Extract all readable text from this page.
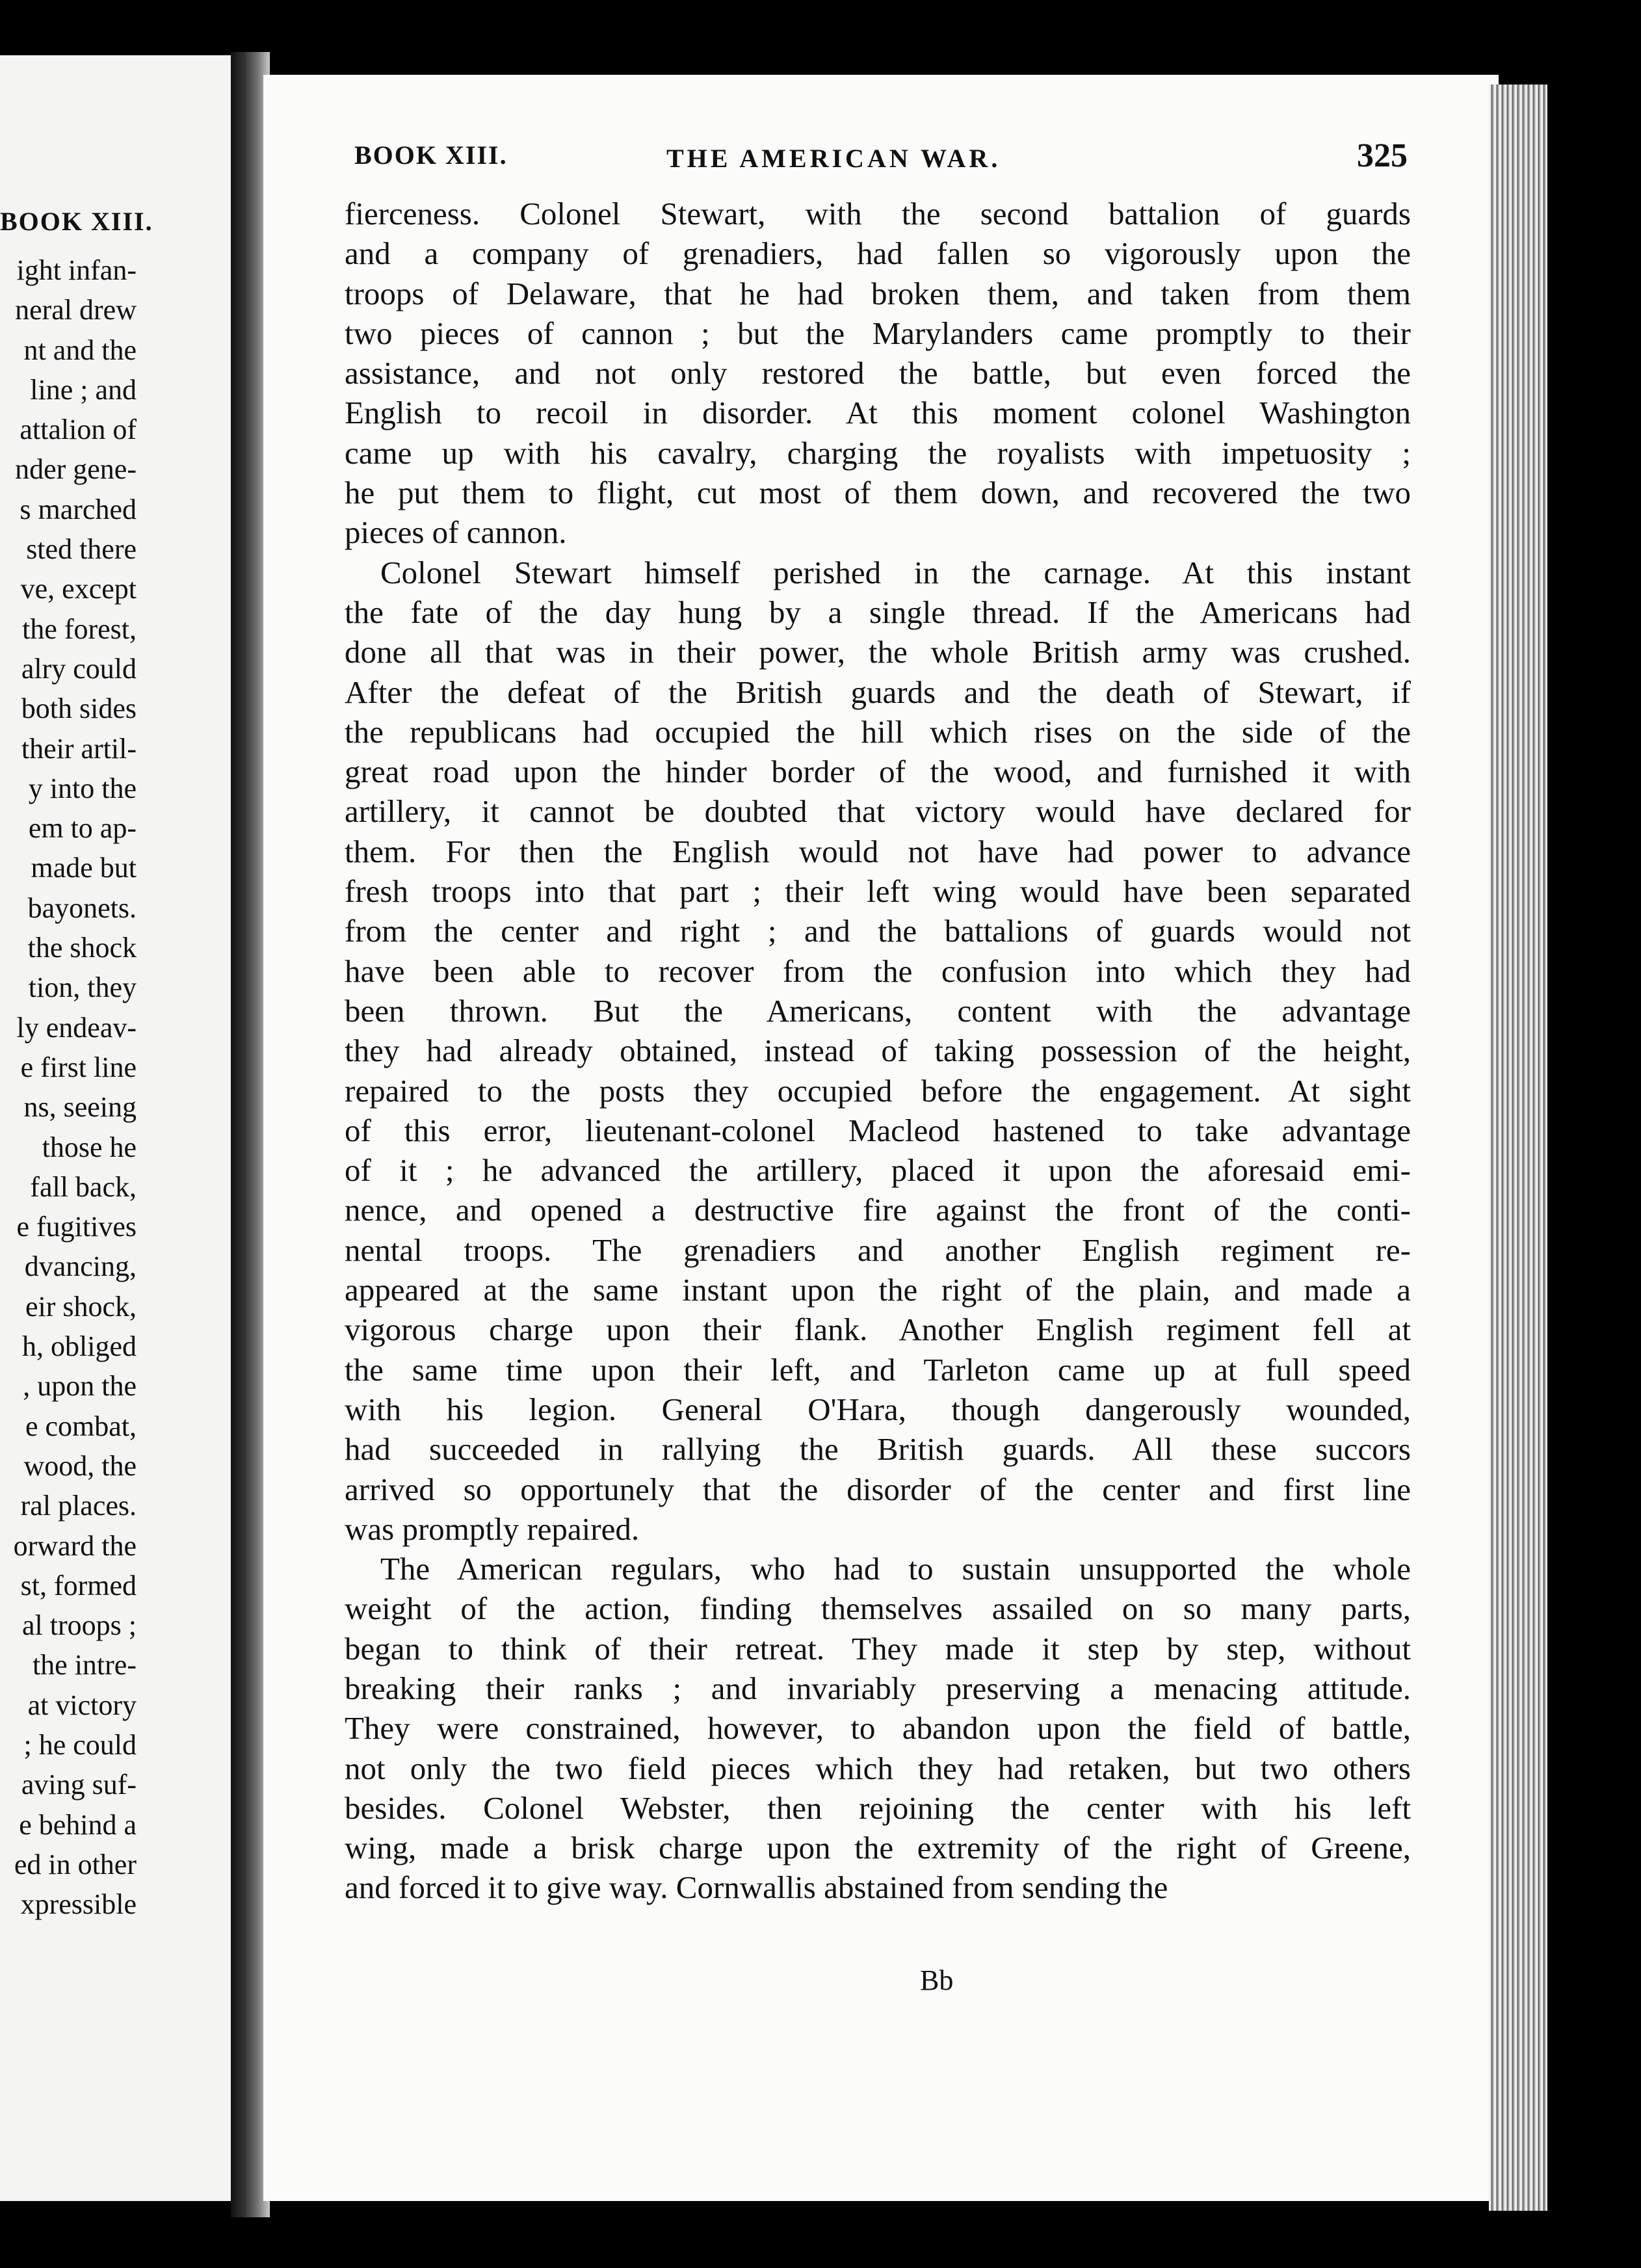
BOOK XIII.
ight infan-
neral drew
nt and the
line ; and
attalion of
nder gene-
s marched
sted there
ve, except
the forest,
alry could
both sides
their artil-
y into the
em to ap-
made but
bayonets.
the shock
tion, they
ly endeav-
e first line
ns, seeing
those he
fall back,
e fugitives
dvancing,
eir shock,
h, obliged
, upon the
e combat,
wood, the
ral places.
orward the
st, formed
al troops ;
the intre-
at victory
; he could
aving suf-
e behind a
ed in other
xpressible
BOOK XIII.	THE AMERICAN WAR.	325
fierceness. Colonel Stewart, with the second battalion of guards
and a company of grenadiers, had fallen so vigorously upon the
troops of Delaware, that he had broken them, and taken from them
two pieces of cannon ; but the Marylanders came promptly to their
assistance, and not only restored the battle, but even forced the
English to recoil in disorder. At this moment colonel Washington
came up with his cavalry, charging the royalists with impetuosity ;
he put them to flight, cut most of them down, and recovered the two
pieces of cannon.
Colonel Stewart himself perished in the carnage. At this instant
the fate of the day hung by a single thread. If the Americans had
done all that was in their power, the whole British army was crushed.
After the defeat of the British guards and the death of Stewart, if
the republicans had occupied the hill which rises on the side of the
great road upon the hinder border of the wood, and furnished it with
artillery, it cannot be doubted that victory would have declared for
them. For then the English would not have had power to advance
fresh troops into that part ; their left wing would have been separated
from the center and right ; and the battalions of guards would not
have been able to recover from the confusion into which they had
been thrown. But the Americans, content with the advantage
they had already obtained, instead of taking possession of the height,
repaired to the posts they occupied before the engagement. At sight
of this error, lieutenant-colonel Macleod hastened to take advantage
of it ; he advanced the artillery, placed it upon the aforesaid emi-
nence, and opened a destructive fire against the front of the conti-
nental troops. The grenadiers and another English regiment re-
appeared at the same instant upon the right of the plain, and made a
vigorous charge upon their flank. Another English regiment fell at
the same time upon their left, and Tarleton came up at full speed
with his legion. General O'Hara, though dangerously wounded,
had succeeded in rallying the British guards. All these succors
arrived so opportunely that the disorder of the center and first line
was promptly repaired.
The American regulars, who had to sustain unsupported the whole
weight of the action, finding themselves assailed on so many parts,
began to think of their retreat. They made it step by step, without
breaking their ranks ; and invariably preserving a menacing attitude.
They were constrained, however, to abandon upon the field of battle,
not only the two field pieces which they had retaken, but two others
besides. Colonel Webster, then rejoining the center with his left
wing, made a brisk charge upon the extremity of the right of Greene,
and forced it to give way. Cornwallis abstained from sending the
Bb
